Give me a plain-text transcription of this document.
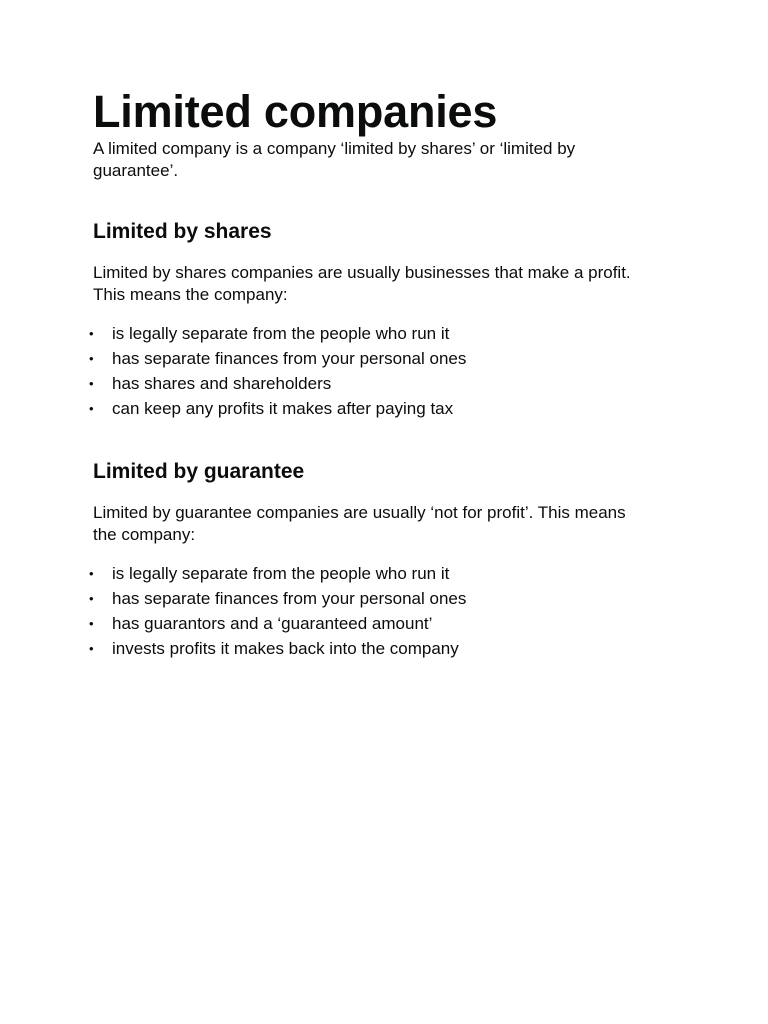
Limited companies

A limited company is a company ‘limited by shares’ or ‘limited by guarantee’.

Limited by shares

Limited by shares companies are usually businesses that make a profit. This means the company:

• is legally separate from the people who run it
• has separate finances from your personal ones
• has shares and shareholders
• can keep any profits it makes after paying tax
Limited by guarantee

Limited by guarantee companies are usually ‘not for profit’. This means the company:

• is legally separate from the people who run it
• has separate finances from your personal ones
• has guarantors and a ‘guaranteed amount’
• invests profits it makes back into the company
